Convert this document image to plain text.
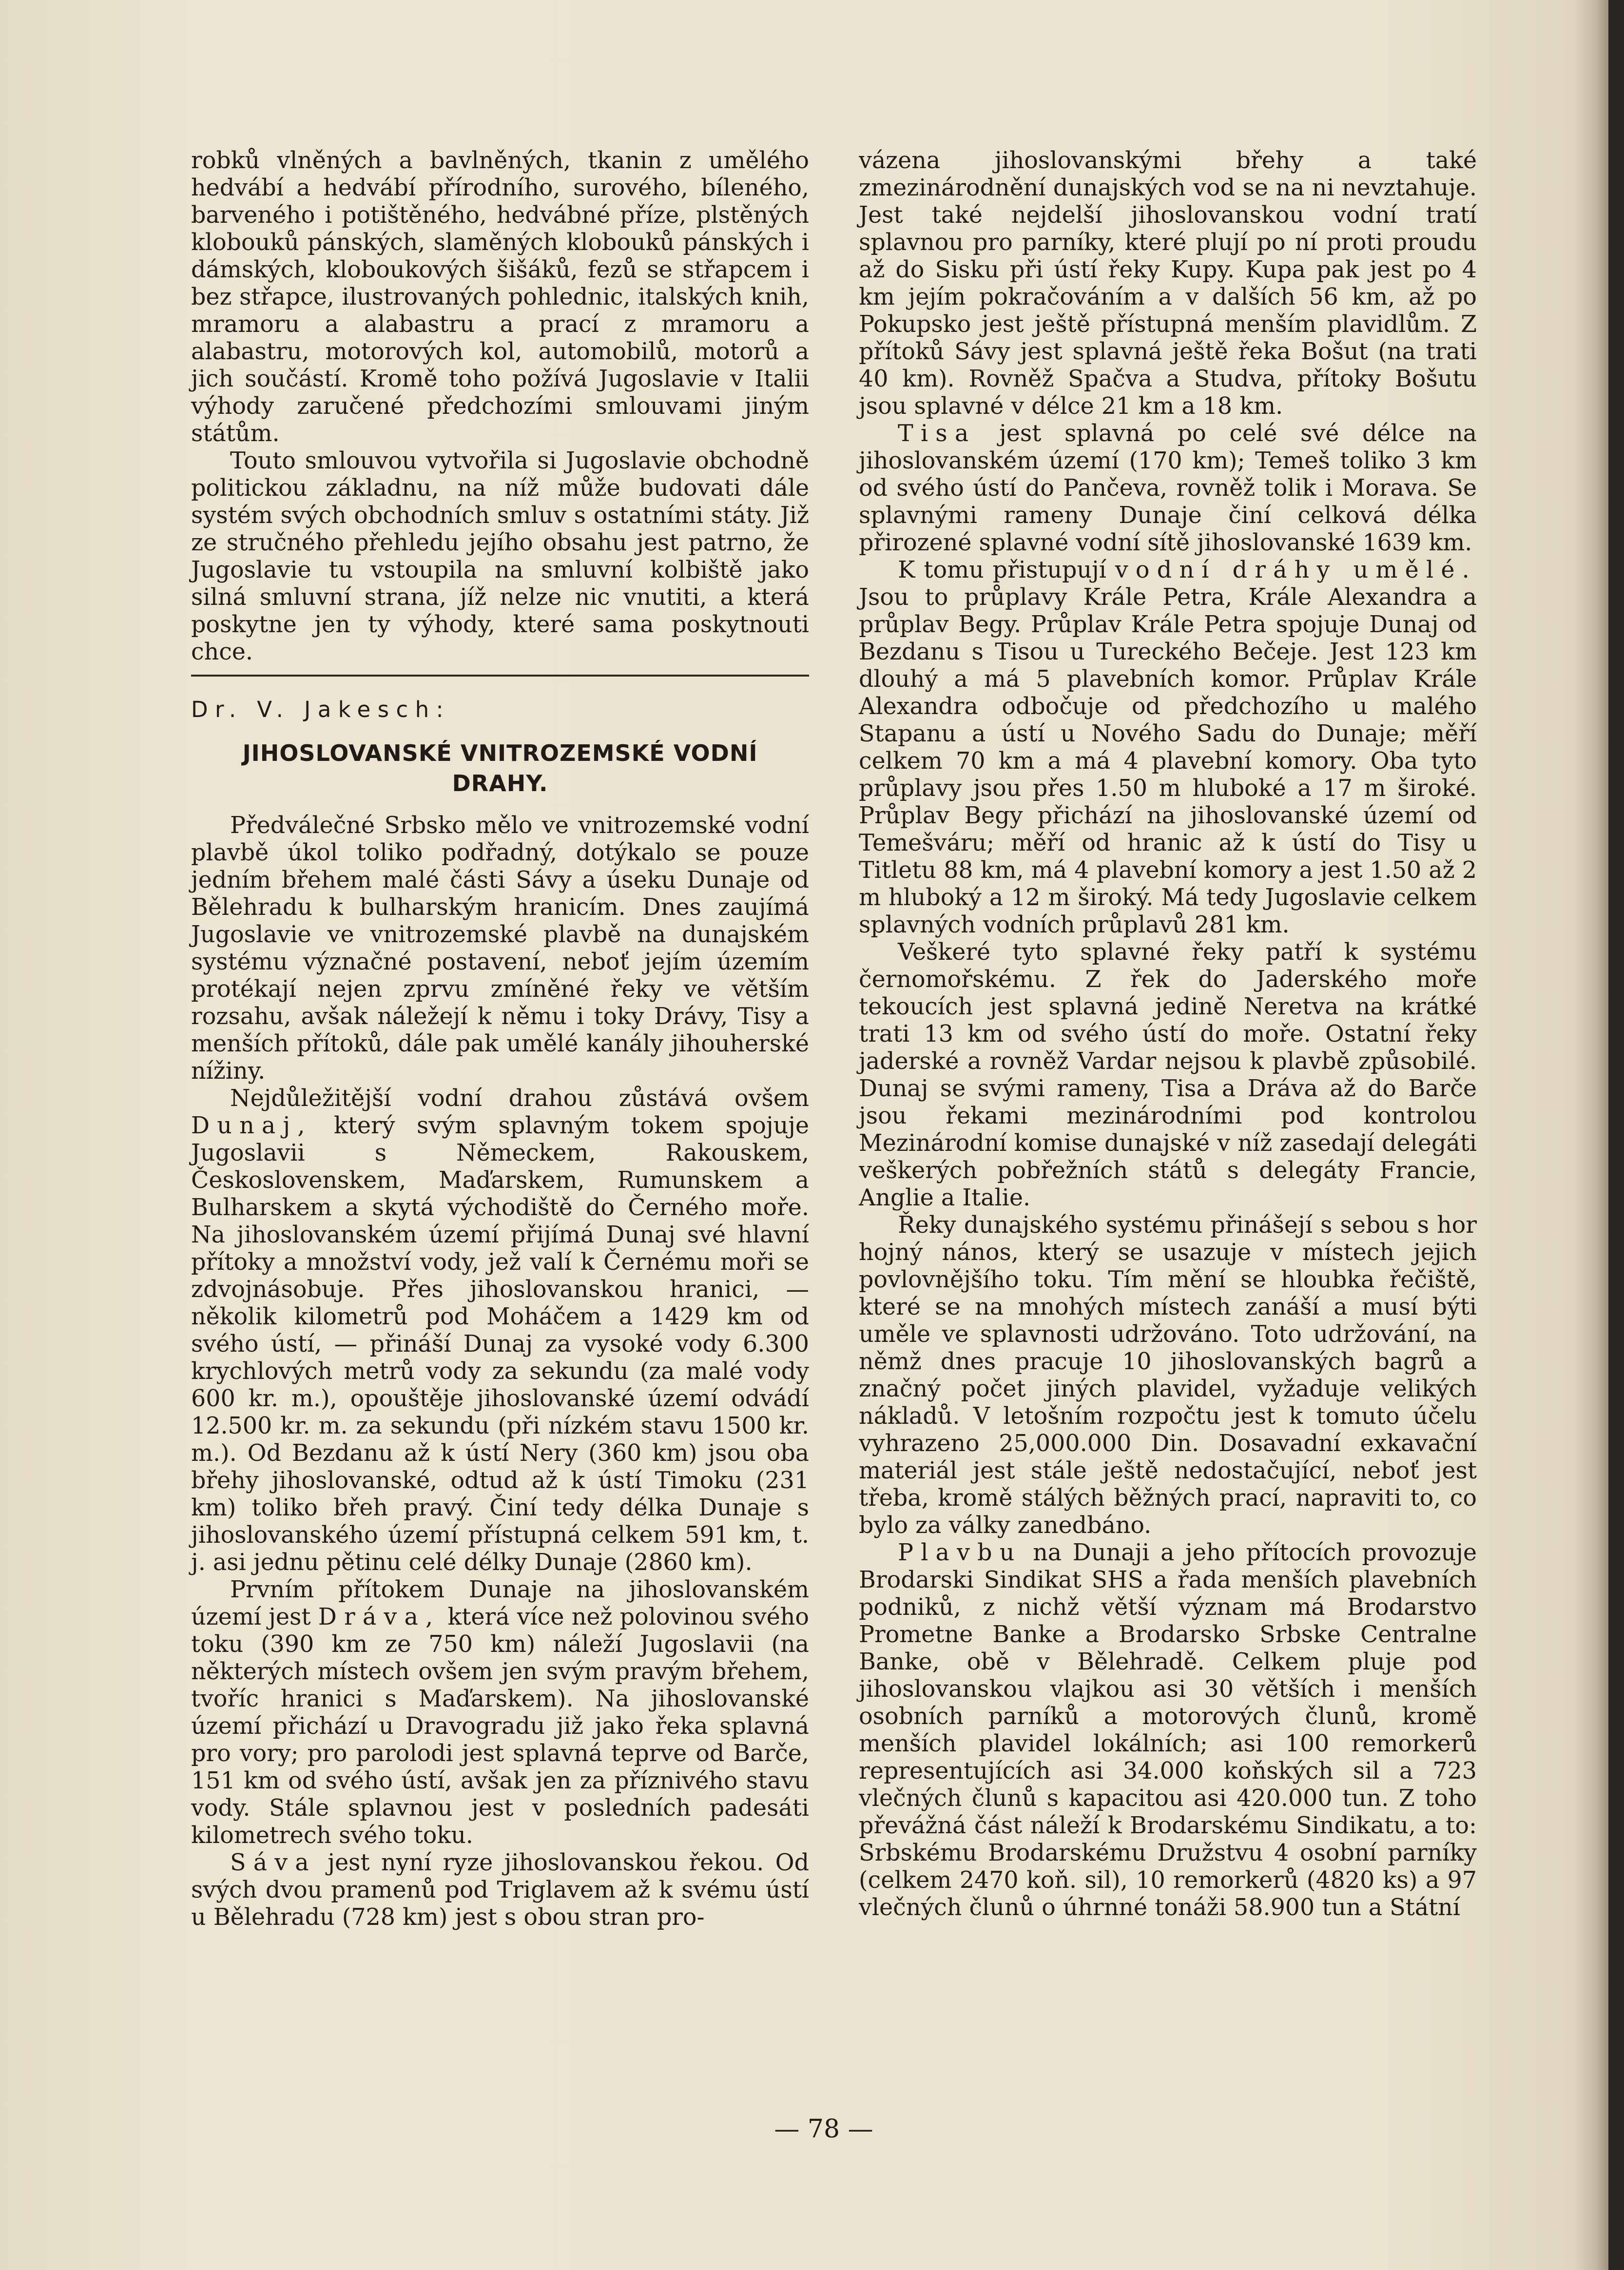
robků vlněných a bavlněných, tkanin z umělého hedvábí a hedvábí přírodního, surového, bíleného, barveného i potištěného, hedvábné příze, plstěných klobouků pánských, slaměných klobouků pánských i dámských, kloboukových šišáků, fezů se střapcem i bez střapce, ilustrovaných pohlednic, italských knih, mramoru a alabastru a prací z mramoru a alabastru, motorových kol, automobilů, motorů a jich součástí. Kromě toho požívá Jugoslavie v Italii výhody zaručené předchozími smlouvami jiným státům.

Touto smlouvou vytvořila si Jugoslavie obchodně politickou základnu, na níž může budovati dále systém svých obchodních smluv s ostatními státy. Již ze stručného přehledu jejího obsahu jest patrno, že Jugoslavie tu vstoupila na smluvní kolbiště jako silná smluvní strana, jíž nelze nic vnutiti, a která poskytne jen ty výhody, které sama poskytnouti chce.

Dr. V. Jakesch:
JIHOSLOVANSKÉ VNITROZEMSKÉ VODNÍ DRAHY.

Předválečné Srbsko mělo ve vnitrozemské vodní plavbě úkol toliko podřadný, dotýkalo se pouze jedním břehem malé části Sávy a úseku Dunaje od Bělehradu k bulharským hranicím. Dnes zaujímá Jugoslavie ve vnitrozemské plavbě na dunajském systému význačné postavení, neboť jejím územím protékají nejen zprvu zmíněné řeky ve větším rozsahu, avšak náležejí k němu i toky Drávy, Tisy a menších přítoků, dále pak umělé kanály jihouherské nížiny.

Nejdůležitější vodní drahou zůstává ovšem Dunaj, který svým splavným tokem spojuje Jugoslavii s Německem, Rakouskem, Československem, Maďarskem, Rumunskem a Bulharskem a skytá východiště do Černého moře. Na jihoslovanském území přijímá Dunaj své hlavní přítoky a množství vody, jež valí k Černému moři se zdvojnásobuje. Přes jihoslovanskou hranici, — několik kilometrů pod Moháčem a 1429 km od svého ústí, — přináší Dunaj za vysoké vody 6.300 krychlových metrů vody za sekundu (za malé vody 600 kr. m.), opouštěje jihoslovanské území odvádí 12.500 kr. m. za sekundu (při nízkém stavu 1500 kr. m.). Od Bezdanu až k ústí Nery (360 km) jsou oba břehy jihoslovanské, odtud až k ústí Timoku (231 km) toliko břeh pravý. Činí tedy délka Dunaje s jihoslovanského území přístupná celkem 591 km, t. j. asi jednu pětinu celé délky Dunaje (2860 km).

Prvním přítokem Dunaje na jihoslovanském území jest Dráva, která více než polovinou svého toku (390 km ze 750 km) náleží Jugoslavii (na některých místech ovšem jen svým pravým břehem, tvoříc hranici s Maďarskem). Na jihoslovanské území přichází u Dravogradu již jako řeka splavná pro vory; pro parolodi jest splavná teprve od Barče, 151 km od svého ústí, avšak jen za příznivého stavu vody. Stále splavnou jest v posledních padesáti kilometrech svého toku.

Sáva jest nyní ryze jihoslovanskou řekou. Od svých dvou pramenů pod Triglavem až k svému ústí u Bělehradu (728 km) jest s obou stran pro-

vázena jihoslovanskými břehy a také zmezinárodnění dunajských vod se na ni nevztahuje. Jest také nejdelší jihoslovanskou vodní tratí splavnou pro parníky, které plují po ní proti proudu až do Sisku při ústí řeky Kupy. Kupa pak jest po 4 km jejím pokračováním a v dalších 56 km, až po Pokupsko jest ještě přístupná menším plavidlům. Z přítoků Sávy jest splavná ještě řeka Bošut (na trati 40 km). Rovněž Spačva a Studva, přítoky Bošutu jsou splavné v délce 21 km a 18 km.

Tisa jest splavná po celé své délce na jihoslovanském území (170 km); Temeš toliko 3 km od svého ústí do Pančeva, rovněž tolik i Morava. Se splavnými rameny Dunaje činí celková délka přirozené splavné vodní sítě jihoslovanské 1639 km.

K tomu přistupují vodní dráhy umělé. Jsou to průplavy Krále Petra, Krále Alexandra a průplav Begy. Průplav Krále Petra spojuje Dunaj od Bezdanu s Tisou u Tureckého Bečeje. Jest 123 km dlouhý a má 5 plavebních komor. Průplav Krále Alexandra odbočuje od předchozího u malého Stapanu a ústí u Nového Sadu do Dunaje; měří celkem 70 km a má 4 plavební komory. Oba tyto průplavy jsou přes 1.50 m hluboké a 17 m široké. Průplav Begy přichází na jihoslovanské území od Temešváru; měří od hranic až k ústí do Tisy u Titletu 88 km, má 4 plavební komory a jest 1.50 až 2 m hluboký a 12 m široký. Má tedy Jugoslavie celkem splavných vodních průplavů 281 km.

Veškeré tyto splavné řeky patří k systému černomořskému. Z řek do Jaderského moře tekoucích jest splavná jedině Neretva na krátké trati 13 km od svého ústí do moře. Ostatní řeky jaderské a rovněž Vardar nejsou k plavbě způsobilé. Dunaj se svými rameny, Tisa a Dráva až do Barče jsou řekami mezinárodními pod kontrolou Mezinárodní komise dunajské v níž zasedají delegáti veškerých pobřežních států s delegáty Francie, Anglie a Italie.

Řeky dunajského systému přinášejí s sebou s hor hojný nános, který se usazuje v místech jejich povlovnějšího toku. Tím mění se hloubka řečiště, které se na mnohých místech zanáší a musí býti uměle ve splavnosti udržováno. Toto udržování, na němž dnes pracuje 10 jihoslovanských bagrů a značný počet jiných plavidel, vyžaduje velikých nákladů. V letošním rozpočtu jest k tomuto účelu vyhrazeno 25,000.000 Din. Dosavadní exkavační materiál jest stále ještě nedostačující, neboť jest třeba, kromě stálých běžných prací, napraviti to, co bylo za války zanedbáno.

Plavbu na Dunaji a jeho přítocích provozuje Brodarski Sindikat SHS a řada menších plavebních podniků, z nichž větší význam má Brodarstvo Prometne Banke a Brodarsko Srbske Centralne Banke, obě v Bělehradě. Celkem pluje pod jihoslovanskou vlajkou asi 30 větších i menších osobních parníků a motorových člunů, kromě menších plavidel lokálních; asi 100 remorkerů representujících asi 34.000 koňských sil a 723 vlečných člunů s kapacitou asi 420.000 tun. Z toho převážná část náleží k Brodarskému Sindikatu, a to: Srbskému Brodarskému Družstvu 4 osobní parníky (celkem 2470 koň. sil), 10 remorkerů (4820 ks) a 97 vlečných člunů o úhrnné tonáži 58.900 tun a Státní

— 78 —
